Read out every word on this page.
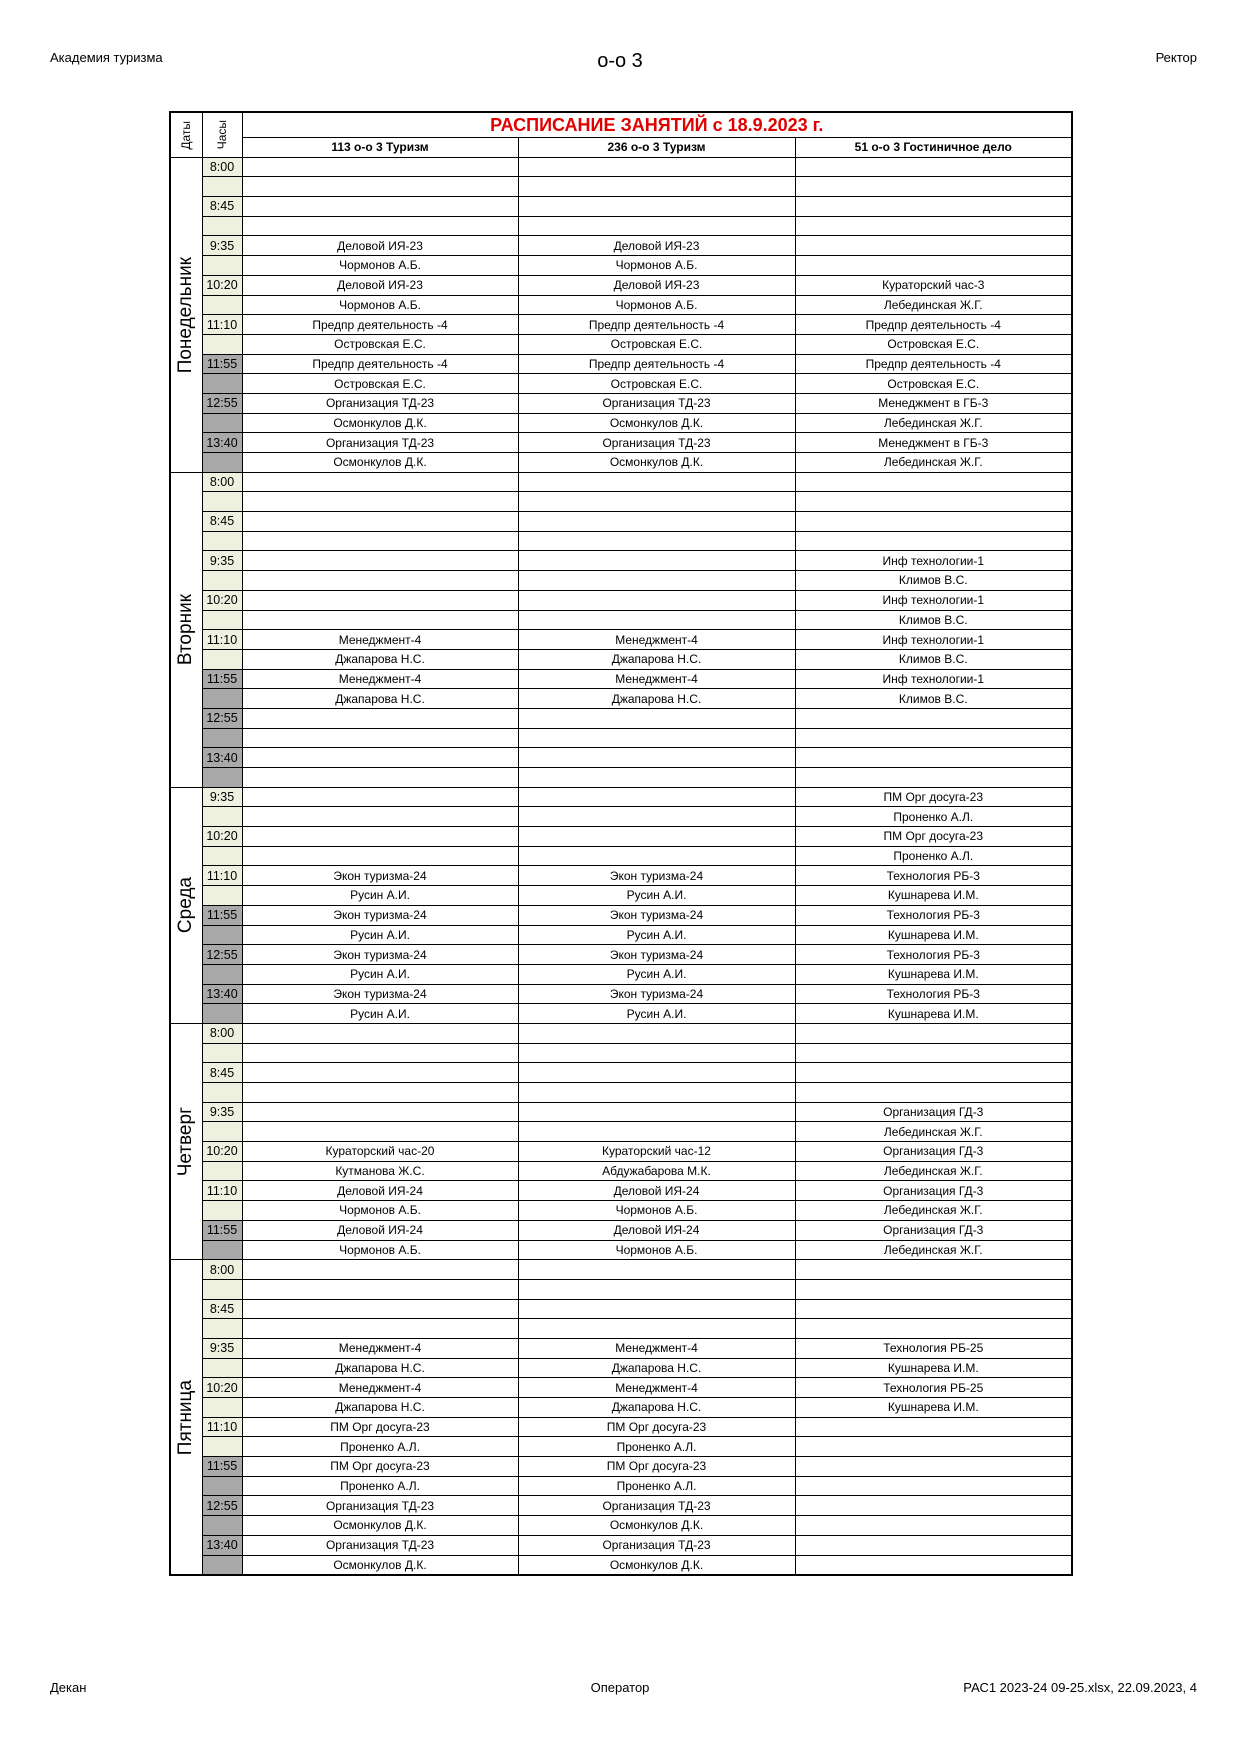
Академия туризма	о-о 3	Ректор
Даты	Часы	РАСПИСАНИЕ ЗАНЯТИЙ с 18.9.2023 г.		
		113 о-о 3 Туризм	236 о-о 3 Туризм	51 о-о 3 Гостиничное дело

Понедельник	8:00			

	8:45			

	9:35	Деловой ИЯ-23	Деловой ИЯ-23	
		Чормонов А.Б.	Чормонов А.Б.	
	10:20	Деловой ИЯ-23	Деловой ИЯ-23	Кураторский час-3
		Чормонов А.Б.	Чормонов А.Б.	Лебединская Ж.Г.
	11:10	Предпр деятельность -4	Предпр деятельность -4	Предпр деятельность -4
		Островская Е.С.	Островская Е.С.	Островская Е.С.
	11:55	Предпр деятельность -4	Предпр деятельность -4	Предпр деятельность -4
		Островская Е.С.	Островская Е.С.	Островская Е.С.
	12:55	Организация ТД-23	Организация ТД-23	Менеджмент в ГБ-3
		Осмонкулов Д.К.	Осмонкулов Д.К.	Лебединская Ж.Г.
	13:40	Организация ТД-23	Организация ТД-23	Менеджмент в ГБ-3
		Осмонкулов Д.К.	Осмонкулов Д.К.	Лебединская Ж.Г.

Вторник	8:00			

	8:45			

	9:35			Инф технологии-1
				Климов В.С.
	10:20			Инф технологии-1
				Климов В.С.
	11:10	Менеджмент-4	Менеджмент-4	Инф технологии-1
		Джапарова Н.С.	Джапарова Н.С.	Климов В.С.
	11:55	Менеджмент-4	Менеджмент-4	Инф технологии-1
		Джапарова Н.С.	Джапарова Н.С.	Климов В.С.
	12:55			

	13:40			

Среда	9:35			ПМ Орг досуга-23
				Проненко А.Л.
	10:20			ПМ Орг досуга-23
				Проненко А.Л.
	11:10	Экон туризма-24	Экон туризма-24	Технология РБ-3
		Русин А.И.	Русин А.И.	Кушнарева И.М.
	11:55	Экон туризма-24	Экон туризма-24	Технология РБ-3
		Русин А.И.	Русин А.И.	Кушнарева И.М.
	12:55	Экон туризма-24	Экон туризма-24	Технология РБ-3
		Русин А.И.	Русин А.И.	Кушнарева И.М.
	13:40	Экон туризма-24	Экон туризма-24	Технология РБ-3
		Русин А.И.	Русин А.И.	Кушнарева И.М.

Четверг	8:00			

	8:45			

	9:35			Организация ГД-3
				Лебединская Ж.Г.
	10:20	Кураторский час-20	Кураторский час-12	Организация ГД-3
		Кутманова Ж.С.	Абдужабарова М.К.	Лебединская Ж.Г.
	11:10	Деловой ИЯ-24	Деловой ИЯ-24	Организация ГД-3
		Чормонов А.Б.	Чормонов А.Б.	Лебединская Ж.Г.
	11:55	Деловой ИЯ-24	Деловой ИЯ-24	Организация ГД-3
		Чормонов А.Б.	Чормонов А.Б.	Лебединская Ж.Г.

Пятница	8:00			

	8:45			

	9:35	Менеджмент-4	Менеджмент-4	Технология РБ-25
		Джапарова Н.С.	Джапарова Н.С.	Кушнарева И.М.
	10:20	Менеджмент-4	Менеджмент-4	Технология РБ-25
		Джапарова Н.С.	Джапарова Н.С.	Кушнарева И.М.
	11:10	ПМ Орг досуга-23	ПМ Орг досуга-23	
		Проненко А.Л.	Проненко А.Л.	
	11:55	ПМ Орг досуга-23	ПМ Орг досуга-23	
		Проненко А.Л.	Проненко А.Л.	
	12:55	Организация ТД-23	Организация ТД-23	
		Осмонкулов Д.К.	Осмонкулов Д.К.	
	13:40	Организация ТД-23	Организация ТД-23	
		Осмонкулов Д.К.	Осмонкулов Д.К.	
Декан	Оператор	РАС1 2023-24 09-25.xlsx, 22.09.2023, 4
